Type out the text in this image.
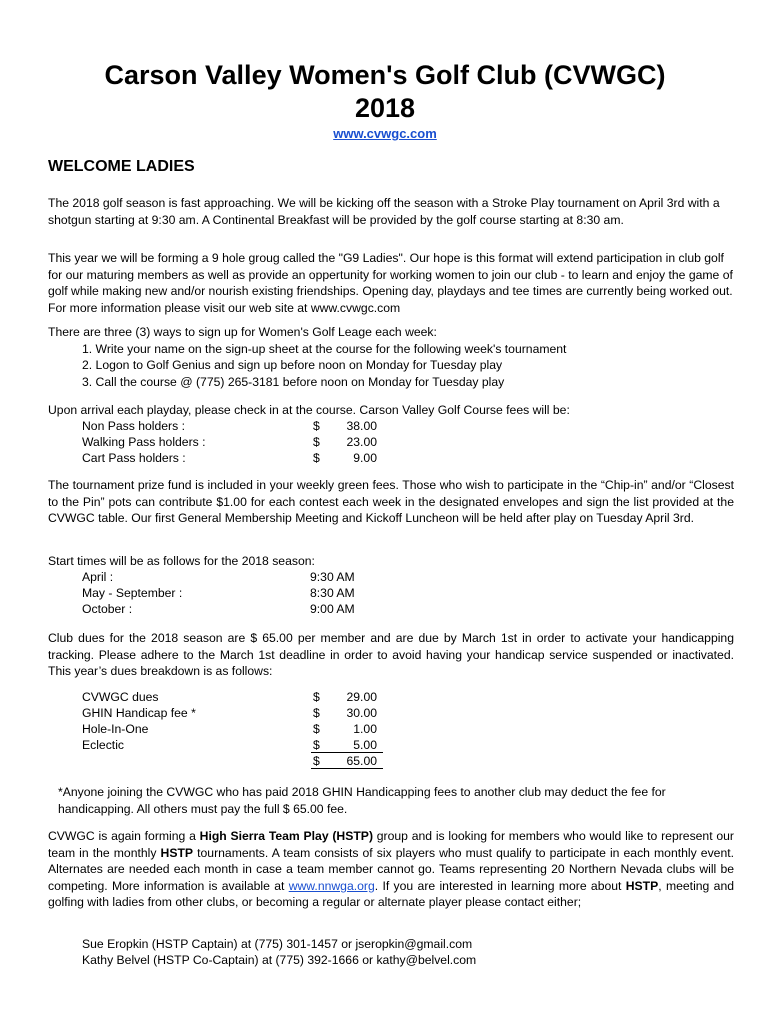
Carson Valley Women's Golf Club (CVWGC)
2018
www.cvwgc.com
WELCOME LADIES
The 2018 golf season is fast approaching. We will be kicking off the season with a Stroke Play tournament on April 3rd with a shotgun starting at 9:30 am. A Continental Breakfast will be provided by the golf course starting at 8:30 am.
This year we will be forming a 9 hole groug called the "G9 Ladies". Our hope is this format will extend participation in club golf for our maturing members as well as provide an oppertunity for working women to join our club - to learn and enjoy the game of golf while making new and/or nourish existing friendships. Opening day, playdays and tee times are currently being worked out. For more information please visit our web site at www.cvwgc.com
There are three (3) ways to sign up for Women's Golf Leage each week:
1. Write your name on the sign-up sheet at the course for the following week's tournament
2. Logon to Golf Genius and sign up before noon on Monday for Tuesday play
3. Call the course @ (775) 265-3181 before noon on Monday for Tuesday play
Upon arrival each playday, please check in at the course. Carson Valley Golf Course fees will be:
Non Pass holders :	$	38.00
Walking Pass holders :	$	23.00
Cart Pass holders :	$	9.00
The tournament prize fund is included in your weekly green fees. Those who wish to participate in the “Chip-in” and/or “Closest to the Pin” pots can contribute $1.00 for each contest each week in the designated envelopes and sign the list provided at the CVWGC table. Our first General Membership Meeting and Kickoff Luncheon will be held after play on Tuesday April 3rd.
Start times will be as follows for the 2018 season:
April :	9:30 AM
May - September :	8:30 AM
October :	9:00 AM
Club dues for the 2018 season are $ 65.00 per member and are due by March 1st in order to activate your handicapping tracking. Please adhere to the March 1st deadline in order to avoid having your handicap service suspended or inactivated. This year’s dues breakdown is as follows:
CVWGC dues	$	29.00
GHIN Handicap fee *	$	30.00
Hole-In-One	$	1.00
Eclectic	$	5.00
$	65.00
*Anyone joining the CVWGC who has paid 2018 GHIN Handicapping fees to another club may deduct the fee for handicapping. All others must pay the full $ 65.00 fee.
CVWGC is again forming a High Sierra Team Play (HSTP) group and is looking for members who would like to represent our team in the monthly HSTP tournaments. A team consists of six players who must qualify to participate in each monthly event. Alternates are needed each month in case a team member cannot go. Teams representing 20 Northern Nevada clubs will be competing. More information is available at www.nnwga.org. If you are interested in learning more about HSTP, meeting and golfing with ladies from other clubs, or becoming a regular or alternate player please contact either;
Sue Eropkin (HSTP Captain) at (775) 301-1457 or jseropkin@gmail.com
Kathy Belvel (HSTP Co-Captain) at (775) 392-1666 or kathy@belvel.com
